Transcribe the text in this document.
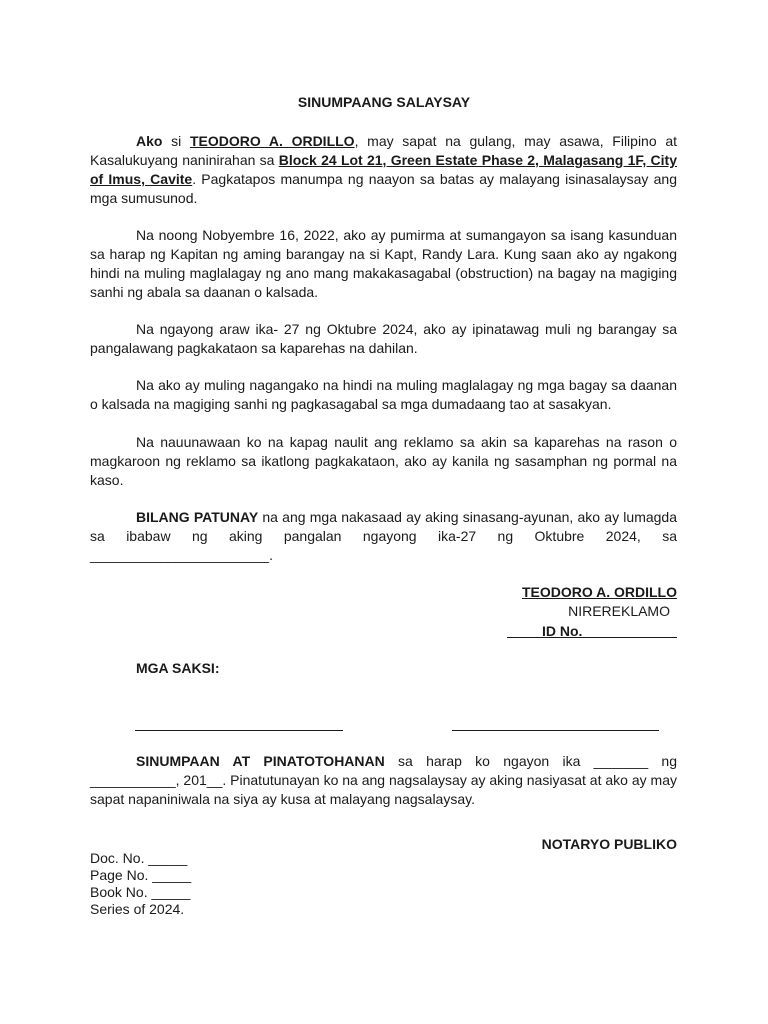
SINUMPAANG SALAYSAY

Ako si TEODORO A. ORDILLO, may sapat na gulang, may asawa, Filipino at Kasalukuyang naninirahan sa Block 24 Lot 21, Green Estate Phase 2, Malagasang 1F, City of Imus, Cavite. Pagkatapos manumpa ng naayon sa batas ay malayang isinasalaysay ang mga sumusunod.

Na noong Nobyembre 16, 2022, ako ay pumirma at sumangayon sa isang kasunduan sa harap ng Kapitan ng aming barangay na si Kapt, Randy Lara. Kung saan ako ay ngakong hindi na muling maglalagay ng ano mang makakasagabal (obstruction) na bagay na magiging sanhi ng abala sa daanan o kalsada.

Na ngayong araw ika- 27 ng Oktubre 2024, ako ay ipinatawag muli ng barangay sa pangalawang pagkakataon sa kaparehas na dahilan.

Na ako ay muling nagangako na hindi na muling maglalagay ng mga bagay sa daanan o kalsada na magiging sanhi ng pagkasagabal sa mga dumadaang tao at sasakyan.

Na nauunawaan ko na kapag naulit ang reklamo sa akin sa kaparehas na rason o magkaroon ng reklamo sa ikatlong pagkakataon, ako ay kanila ng sasamphan ng pormal na kaso.

BILANG PATUNAY na ang mga nakasaad ay aking sinasang-ayunan, ako ay lumagda sa ibabaw ng aking pangalan ngayong ika-27 ng Oktubre 2024, sa _______________________.

TEODORO A. ORDILLO
NIREREKLAMO
ID No.
MGA SAKSI:

SINUMPAAN AT PINATOTOHANAN sa harap ko ngayon ika _______ ng ___________, 201__. Pinatutunayan ko na ang nagsalaysay ay aking nasiyasat at ako ay may sapat napaniniwala na siya ay kusa at malayang nagsalaysay.

NOTARYO PUBLIKO
Doc. No. _____
Page No. _____
Book No. _____
Series of 2024.
